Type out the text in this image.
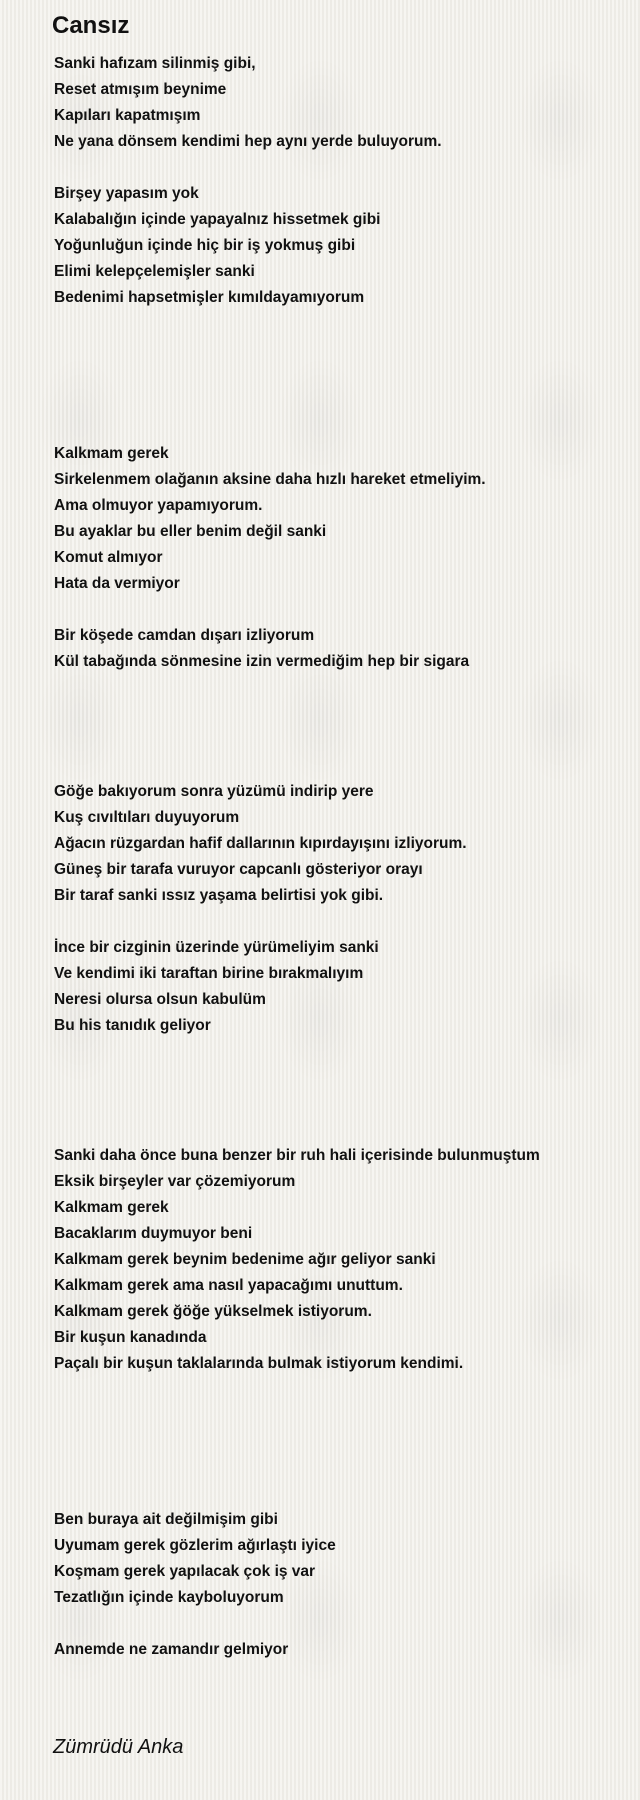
Cansız
Sanki hafızam silinmiş gibi,
Reset atmışım beynime
Kapıları kapatmışım
Ne yana dönsem kendimi hep aynı yerde buluyorum.
Birşey yapasım yok
Kalabalığın içinde yapayalnız hissetmek gibi
Yoğunluğun içinde hiç bir iş yokmuş gibi
Elimi kelepçelemişler sanki
Bedenimi hapsetmişler kımıldayamıyorum
Kalkmam gerek
Sirkelenmem olağanın aksine daha hızlı hareket etmeliyim.
Ama olmuyor yapamıyorum.
Bu ayaklar bu eller benim değil sanki
Komut almıyor
Hata da vermiyor
Bir köşede camdan dışarı izliyorum
Kül tabağında sönmesine izin vermediğim hep bir sigara
Göğe bakıyorum sonra yüzümü indirip yere
Kuş cıvıltıları duyuyorum
Ağacın rüzgardan hafif dallarının kıpırdayışını izliyorum.
Güneş bir tarafa vuruyor capcanlı gösteriyor orayı
Bir taraf sanki ıssız yaşama belirtisi yok gibi.
İnce bir cizginin üzerinde yürümeliyim sanki
Ve kendimi iki taraftan birine bırakmalıyım
Neresi olursa olsun kabulüm
Bu his tanıdık geliyor
Sanki daha önce buna benzer bir ruh hali içerisinde bulunmuştum
Eksik birşeyler var çözemiyorum
Kalkmam gerek
Bacaklarım duymuyor beni
Kalkmam gerek beynim bedenime ağır geliyor sanki
Kalkmam gerek ama nasıl yapacağımı unuttum.
Kalkmam gerek ğöğe yükselmek istiyorum.
Bir kuşun kanadında
Paçalı bir kuşun taklalarında bulmak istiyorum kendimi.
Ben buraya ait değilmişim gibi
Uyumam gerek gözlerim ağırlaştı iyice
Koşmam gerek yapılacak çok iş var
Tezatlığın içinde kayboluyorum
Annemde ne zamandır gelmiyor
Zümrüdü Anka
